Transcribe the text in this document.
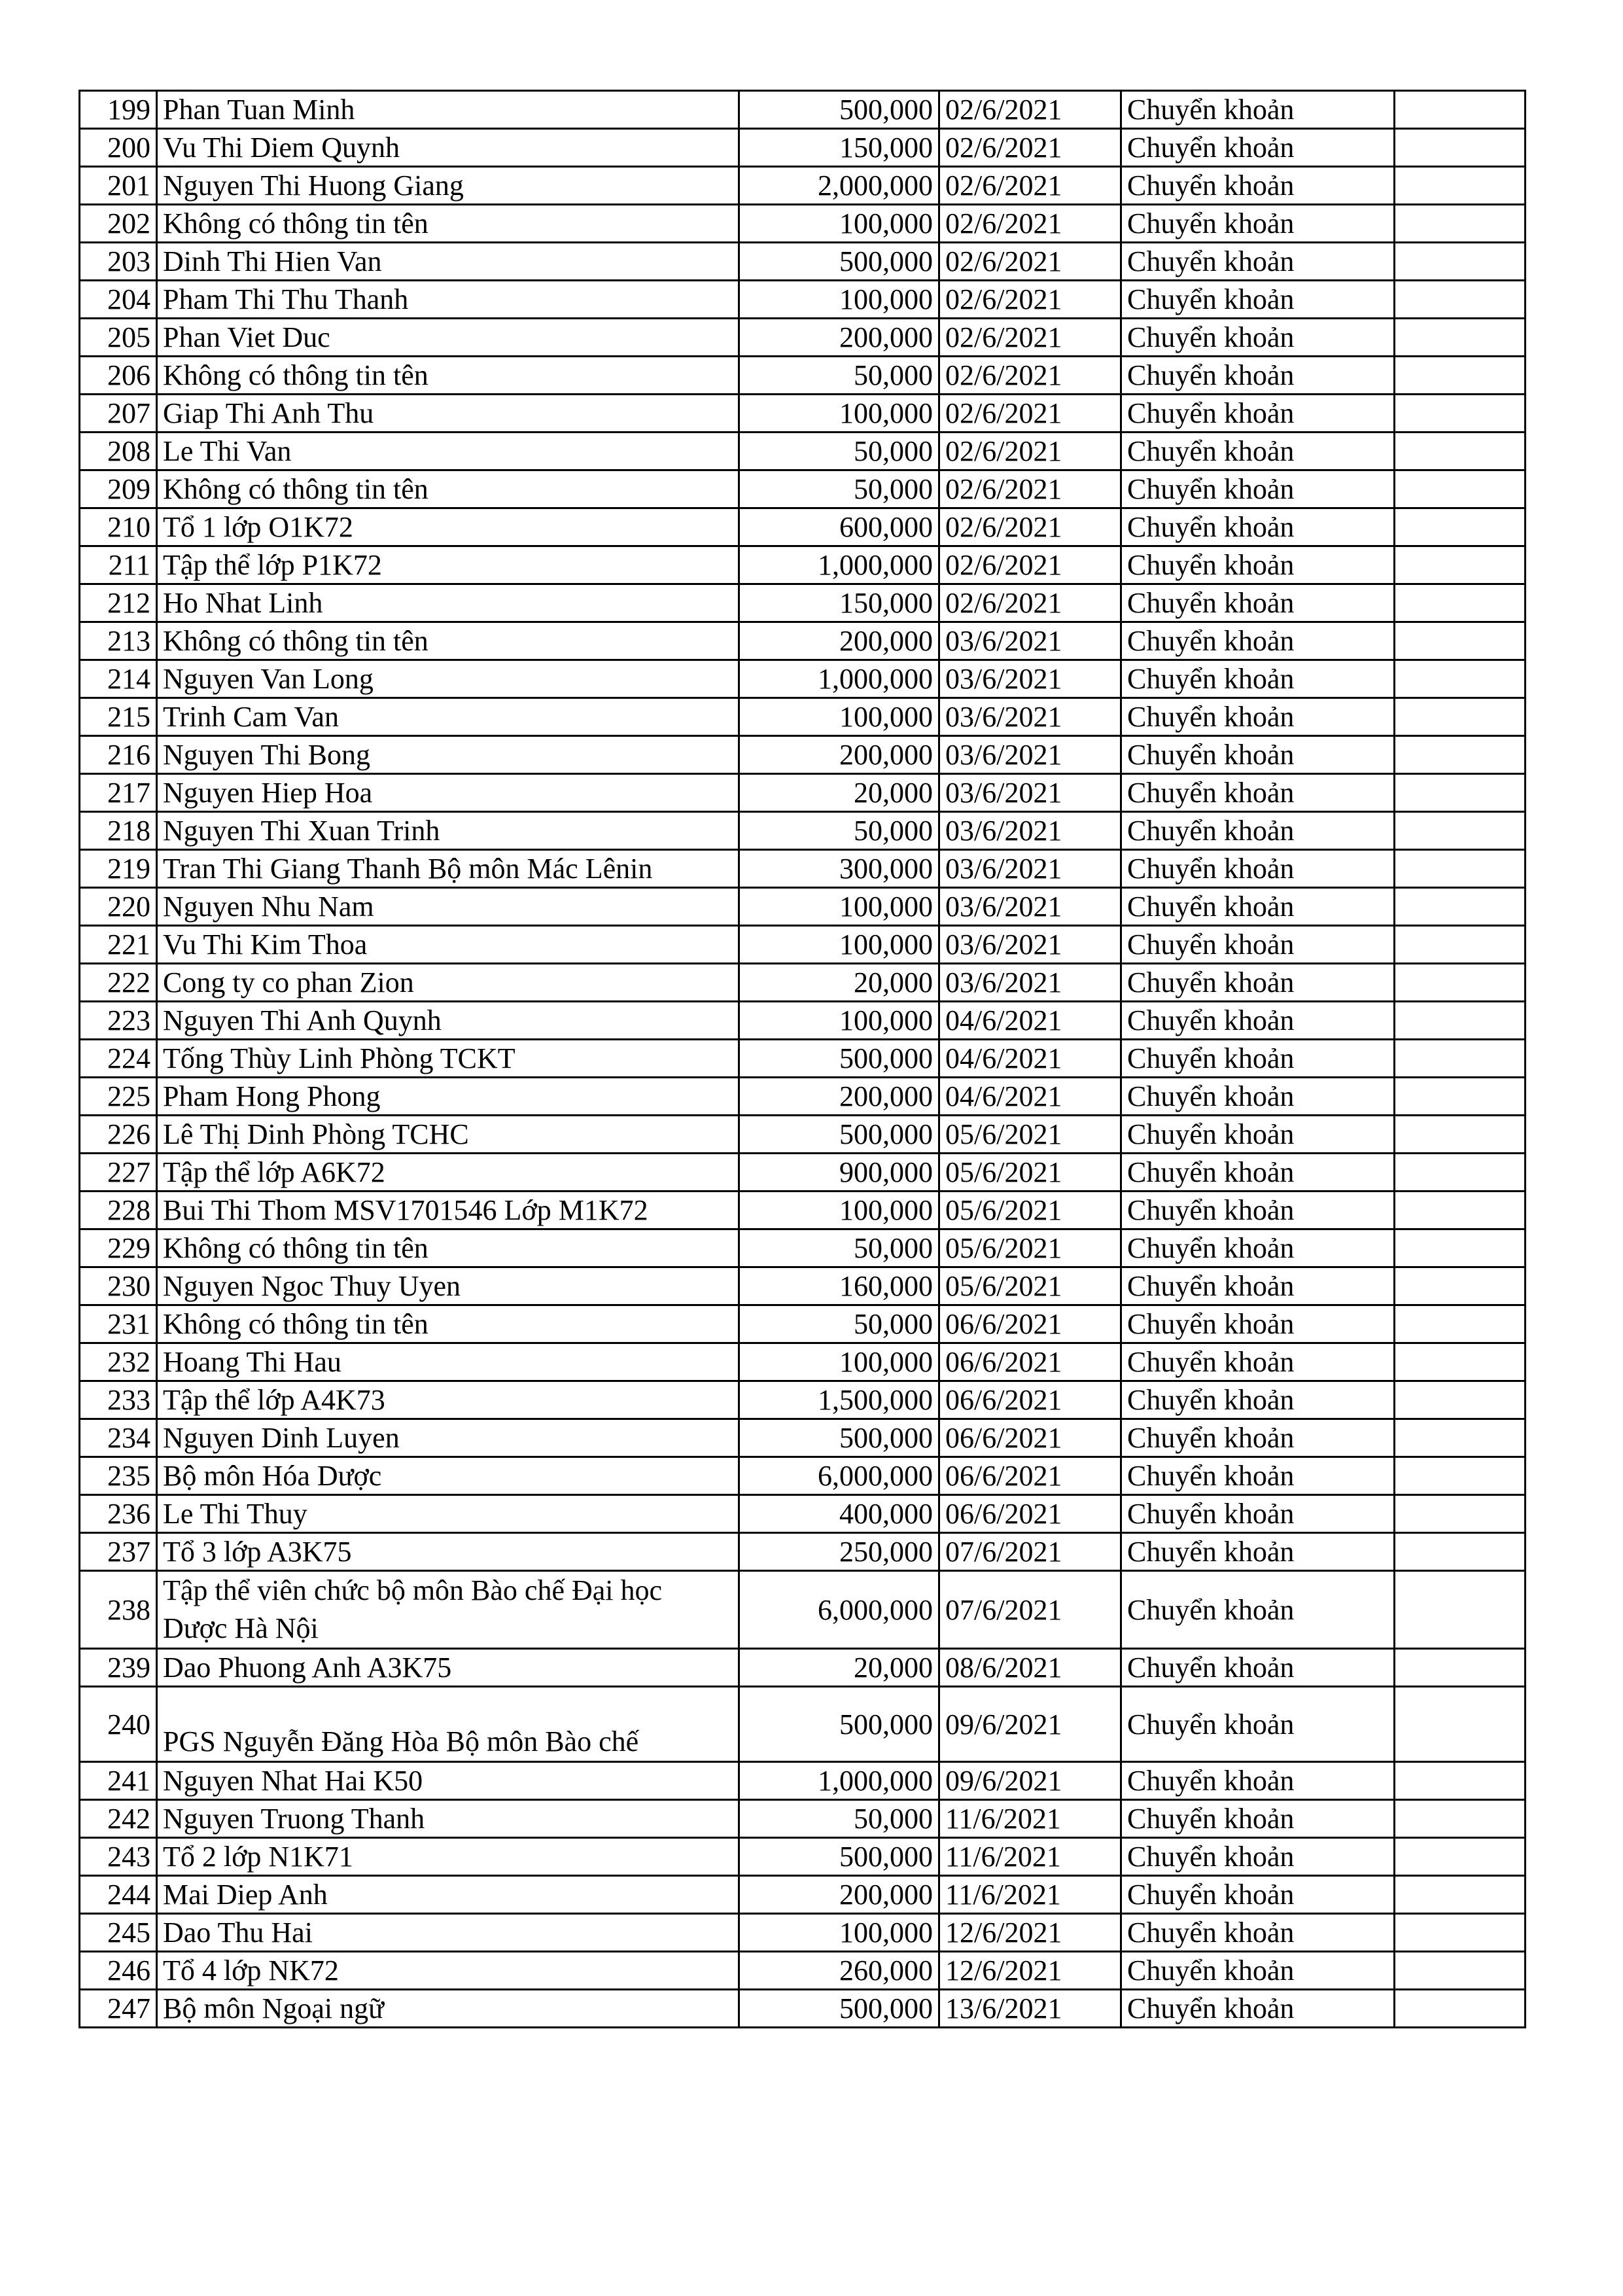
199	Phan Tuan Minh	500,000	02/6/2021	Chuyển khoản	
200	Vu Thi Diem Quynh	150,000	02/6/2021	Chuyển khoản	
201	Nguyen Thi Huong Giang	2,000,000	02/6/2021	Chuyển khoản	
202	Không có thông tin tên	100,000	02/6/2021	Chuyển khoản	
203	Dinh Thi Hien Van	500,000	02/6/2021	Chuyển khoản	
204	Pham Thi Thu Thanh	100,000	02/6/2021	Chuyển khoản	
205	Phan Viet Duc	200,000	02/6/2021	Chuyển khoản	
206	Không có thông tin tên	50,000	02/6/2021	Chuyển khoản	
207	Giap Thi Anh Thu	100,000	02/6/2021	Chuyển khoản	
208	Le Thi Van	50,000	02/6/2021	Chuyển khoản	
209	Không có thông tin tên	50,000	02/6/2021	Chuyển khoản	
210	Tổ 1 lớp O1K72	600,000	02/6/2021	Chuyển khoản	
211	Tập thể lớp P1K72	1,000,000	02/6/2021	Chuyển khoản	
212	Ho Nhat Linh	150,000	02/6/2021	Chuyển khoản	
213	Không có thông tin tên	200,000	03/6/2021	Chuyển khoản	
214	Nguyen Van Long	1,000,000	03/6/2021	Chuyển khoản	
215	Trinh Cam Van	100,000	03/6/2021	Chuyển khoản	
216	Nguyen Thi Bong	200,000	03/6/2021	Chuyển khoản	
217	Nguyen Hiep Hoa	20,000	03/6/2021	Chuyển khoản	
218	Nguyen Thi Xuan Trinh	50,000	03/6/2021	Chuyển khoản	
219	Tran Thi Giang Thanh Bộ môn Mác Lênin	300,000	03/6/2021	Chuyển khoản	
220	Nguyen Nhu Nam	100,000	03/6/2021	Chuyển khoản	
221	Vu Thi Kim Thoa	100,000	03/6/2021	Chuyển khoản	
222	Cong ty co phan Zion	20,000	03/6/2021	Chuyển khoản	
223	Nguyen Thi Anh Quynh	100,000	04/6/2021	Chuyển khoản	
224	Tống Thùy Linh Phòng TCKT	500,000	04/6/2021	Chuyển khoản	
225	Pham Hong Phong	200,000	04/6/2021	Chuyển khoản	
226	Lê Thị Dinh Phòng TCHC	500,000	05/6/2021	Chuyển khoản	
227	Tập thể lớp A6K72	900,000	05/6/2021	Chuyển khoản	
228	Bui Thi Thom MSV1701546 Lớp M1K72	100,000	05/6/2021	Chuyển khoản	
229	Không có thông tin tên	50,000	05/6/2021	Chuyển khoản	
230	Nguyen Ngoc Thuy Uyen	160,000	05/6/2021	Chuyển khoản	
231	Không có thông tin tên	50,000	06/6/2021	Chuyển khoản	
232	Hoang Thi Hau	100,000	06/6/2021	Chuyển khoản	
233	Tập thể lớp A4K73	1,500,000	06/6/2021	Chuyển khoản	
234	Nguyen Dinh Luyen	500,000	06/6/2021	Chuyển khoản	
235	Bộ môn Hóa Dược	6,000,000	06/6/2021	Chuyển khoản	
236	Le Thi Thuy	400,000	06/6/2021	Chuyển khoản	
237	Tổ 3 lớp A3K75	250,000	07/6/2021	Chuyển khoản	
238	Tập thể viên chức bộ môn Bào chế Đại học Dược Hà Nội	6,000,000	07/6/2021	Chuyển khoản	
239	Dao Phuong Anh A3K75	20,000	08/6/2021	Chuyển khoản	
240	PGS Nguyễn Đăng Hòa Bộ môn Bào chế	500,000	09/6/2021	Chuyển khoản	
241	Nguyen Nhat Hai K50	1,000,000	09/6/2021	Chuyển khoản	
242	Nguyen Truong Thanh	50,000	11/6/2021	Chuyển khoản	
243	Tổ 2 lớp N1K71	500,000	11/6/2021	Chuyển khoản	
244	Mai Diep Anh	200,000	11/6/2021	Chuyển khoản	
245	Dao Thu Hai	100,000	12/6/2021	Chuyển khoản	
246	Tổ 4 lớp NK72	260,000	12/6/2021	Chuyển khoản	
247	Bộ môn Ngoại ngữ	500,000	13/6/2021	Chuyển khoản	
